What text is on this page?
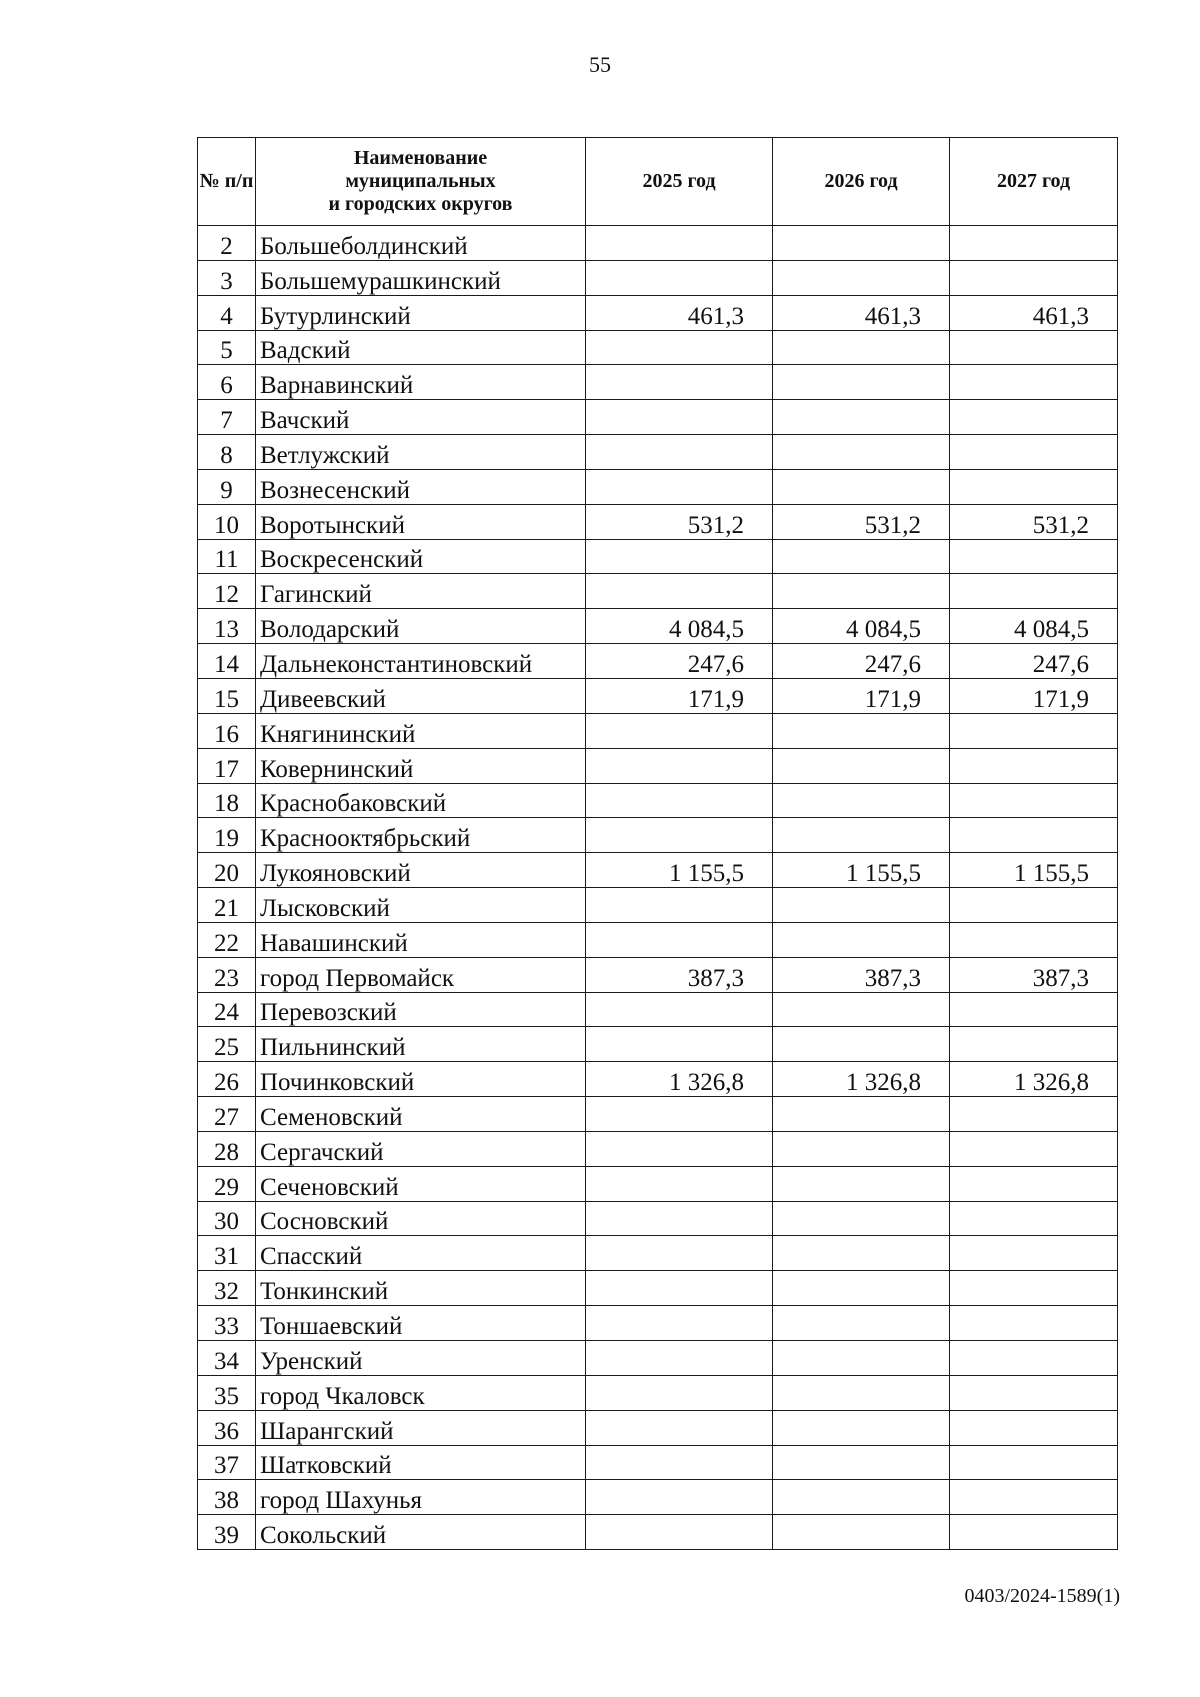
55
№ п/п	Наименование
муниципальных
и городских округов	2025 год	2026 год	2027 год
2	Большеболдинский			
3	Большемурашкинский			
4	Бутурлинский	461,3	461,3	461,3
5	Вадский			
6	Варнавинский			
7	Вачский			
8	Ветлужский			
9	Вознесенский			
10	Воротынский	531,2	531,2	531,2
11	Воскресенский			
12	Гагинский			
13	Володарский	4 084,5	4 084,5	4 084,5
14	Дальнеконстантиновский	247,6	247,6	247,6
15	Дивеевский	171,9	171,9	171,9
16	Княгининский			
17	Ковернинский			
18	Краснобаковский			
19	Краснооктябрьский			
20	Лукояновский	1 155,5	1 155,5	1 155,5
21	Лысковский			
22	Навашинский			
23	город Первомайск	387,3	387,3	387,3
24	Перевозский			
25	Пильнинский			
26	Починковский	1 326,8	1 326,8	1 326,8
27	Семеновский			
28	Сергачский			
29	Сеченовский			
30	Сосновский			
31	Спасский			
32	Тонкинский			
33	Тоншаевский			
34	Уренский			
35	город Чкаловск			
36	Шарангский			
37	Шатковский			
38	город Шахунья			
39	Сокольский			
0403/2024-1589(1)
